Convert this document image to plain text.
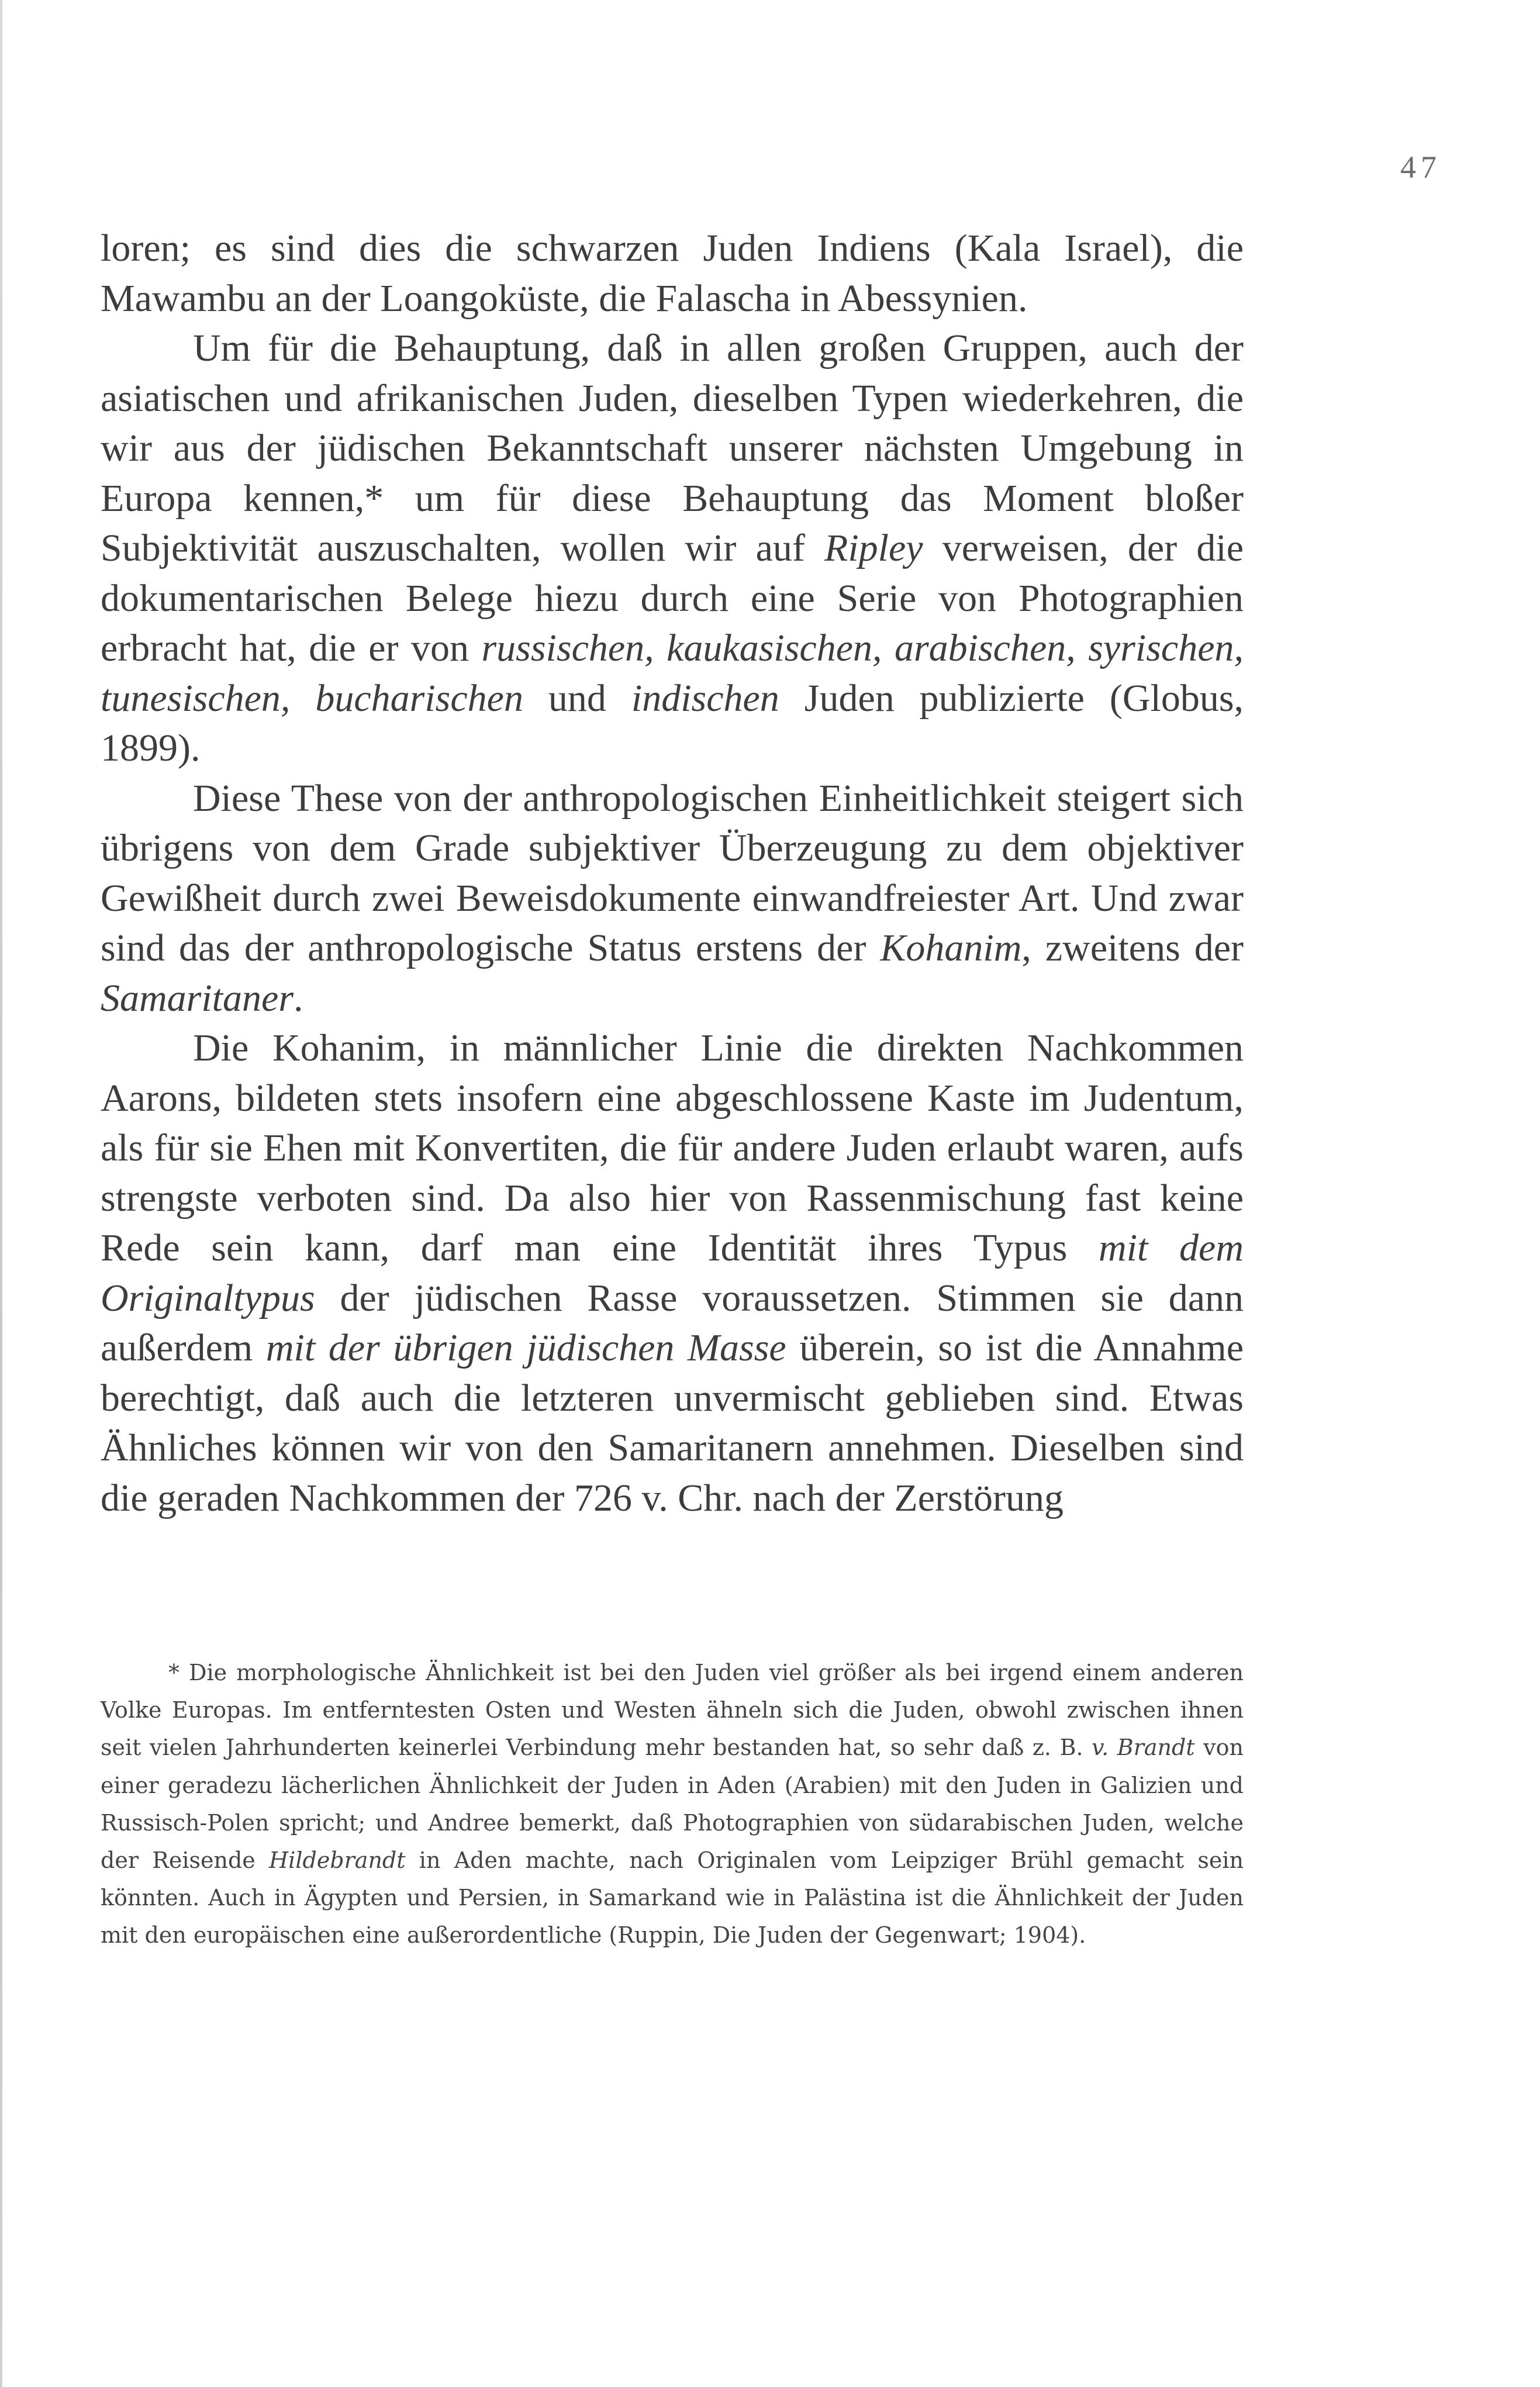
47

loren; es sind dies die schwarzen Juden Indiens (Kala Israel), die Mawambu an der Loangoküste, die Falascha in Abessynien.

Um für die Behauptung, daß in allen großen Gruppen, auch der asiatischen und afrikanischen Juden, dieselben Typen wiederkehren, die wir aus der jüdischen Bekanntschaft unserer nächsten Umgebung in Europa kennen,* um für diese Behauptung das Moment bloßer Subjektivität auszuschalten, wollen wir auf Ripley verweisen, der die dokumentarischen Belege hiezu durch eine Serie von Photographien erbracht hat, die er von russischen, kaukasischen, arabischen, syrischen, tunesischen, bucharischen und indischen Juden publizierte (Globus, 1899).

Diese These von der anthropologischen Einheitlichkeit steigert sich übrigens von dem Grade subjektiver Überzeugung zu dem objektiver Gewißheit durch zwei Beweisdokumente einwandfreiester Art. Und zwar sind das der anthropologische Status erstens der Kohanim, zweitens der Samaritaner.

Die Kohanim, in männlicher Linie die direkten Nachkommen Aarons, bildeten stets insofern eine abgeschlossene Kaste im Judentum, als für sie Ehen mit Konvertiten, die für andere Juden erlaubt waren, aufs strengste verboten sind. Da also hier von Rassenmischung fast keine Rede sein kann, darf man eine Identität ihres Typus mit dem Originaltypus der jüdischen Rasse voraussetzen. Stimmen sie dann außerdem mit der übrigen jüdischen Masse überein, so ist die Annahme berechtigt, daß auch die letzteren unvermischt geblieben sind. Etwas Ähnliches können wir von den Samaritanern annehmen. Dieselben sind die geraden Nachkommen der 726 v. Chr. nach der Zerstörung

* Die morphologische Ähnlichkeit ist bei den Juden viel größer als bei irgend einem anderen Volke Europas. Im entferntesten Osten und Westen ähneln sich die Juden, obwohl zwischen ihnen seit vielen Jahrhunderten keinerlei Verbindung mehr bestanden hat, so sehr daß z. B. v. Brandt von einer geradezu lächerlichen Ähnlichkeit der Juden in Aden (Arabien) mit den Juden in Galizien und Russisch-Polen spricht; und Andree bemerkt, daß Photographien von südarabischen Juden, welche der Reisende Hildebrandt in Aden machte, nach Originalen vom Leipziger Brühl gemacht sein könnten. Auch in Ägypten und Persien, in Samarkand wie in Palästina ist die Ähnlichkeit der Juden mit den europäischen eine außerordentliche (Ruppin, Die Juden der Gegenwart; 1904).
